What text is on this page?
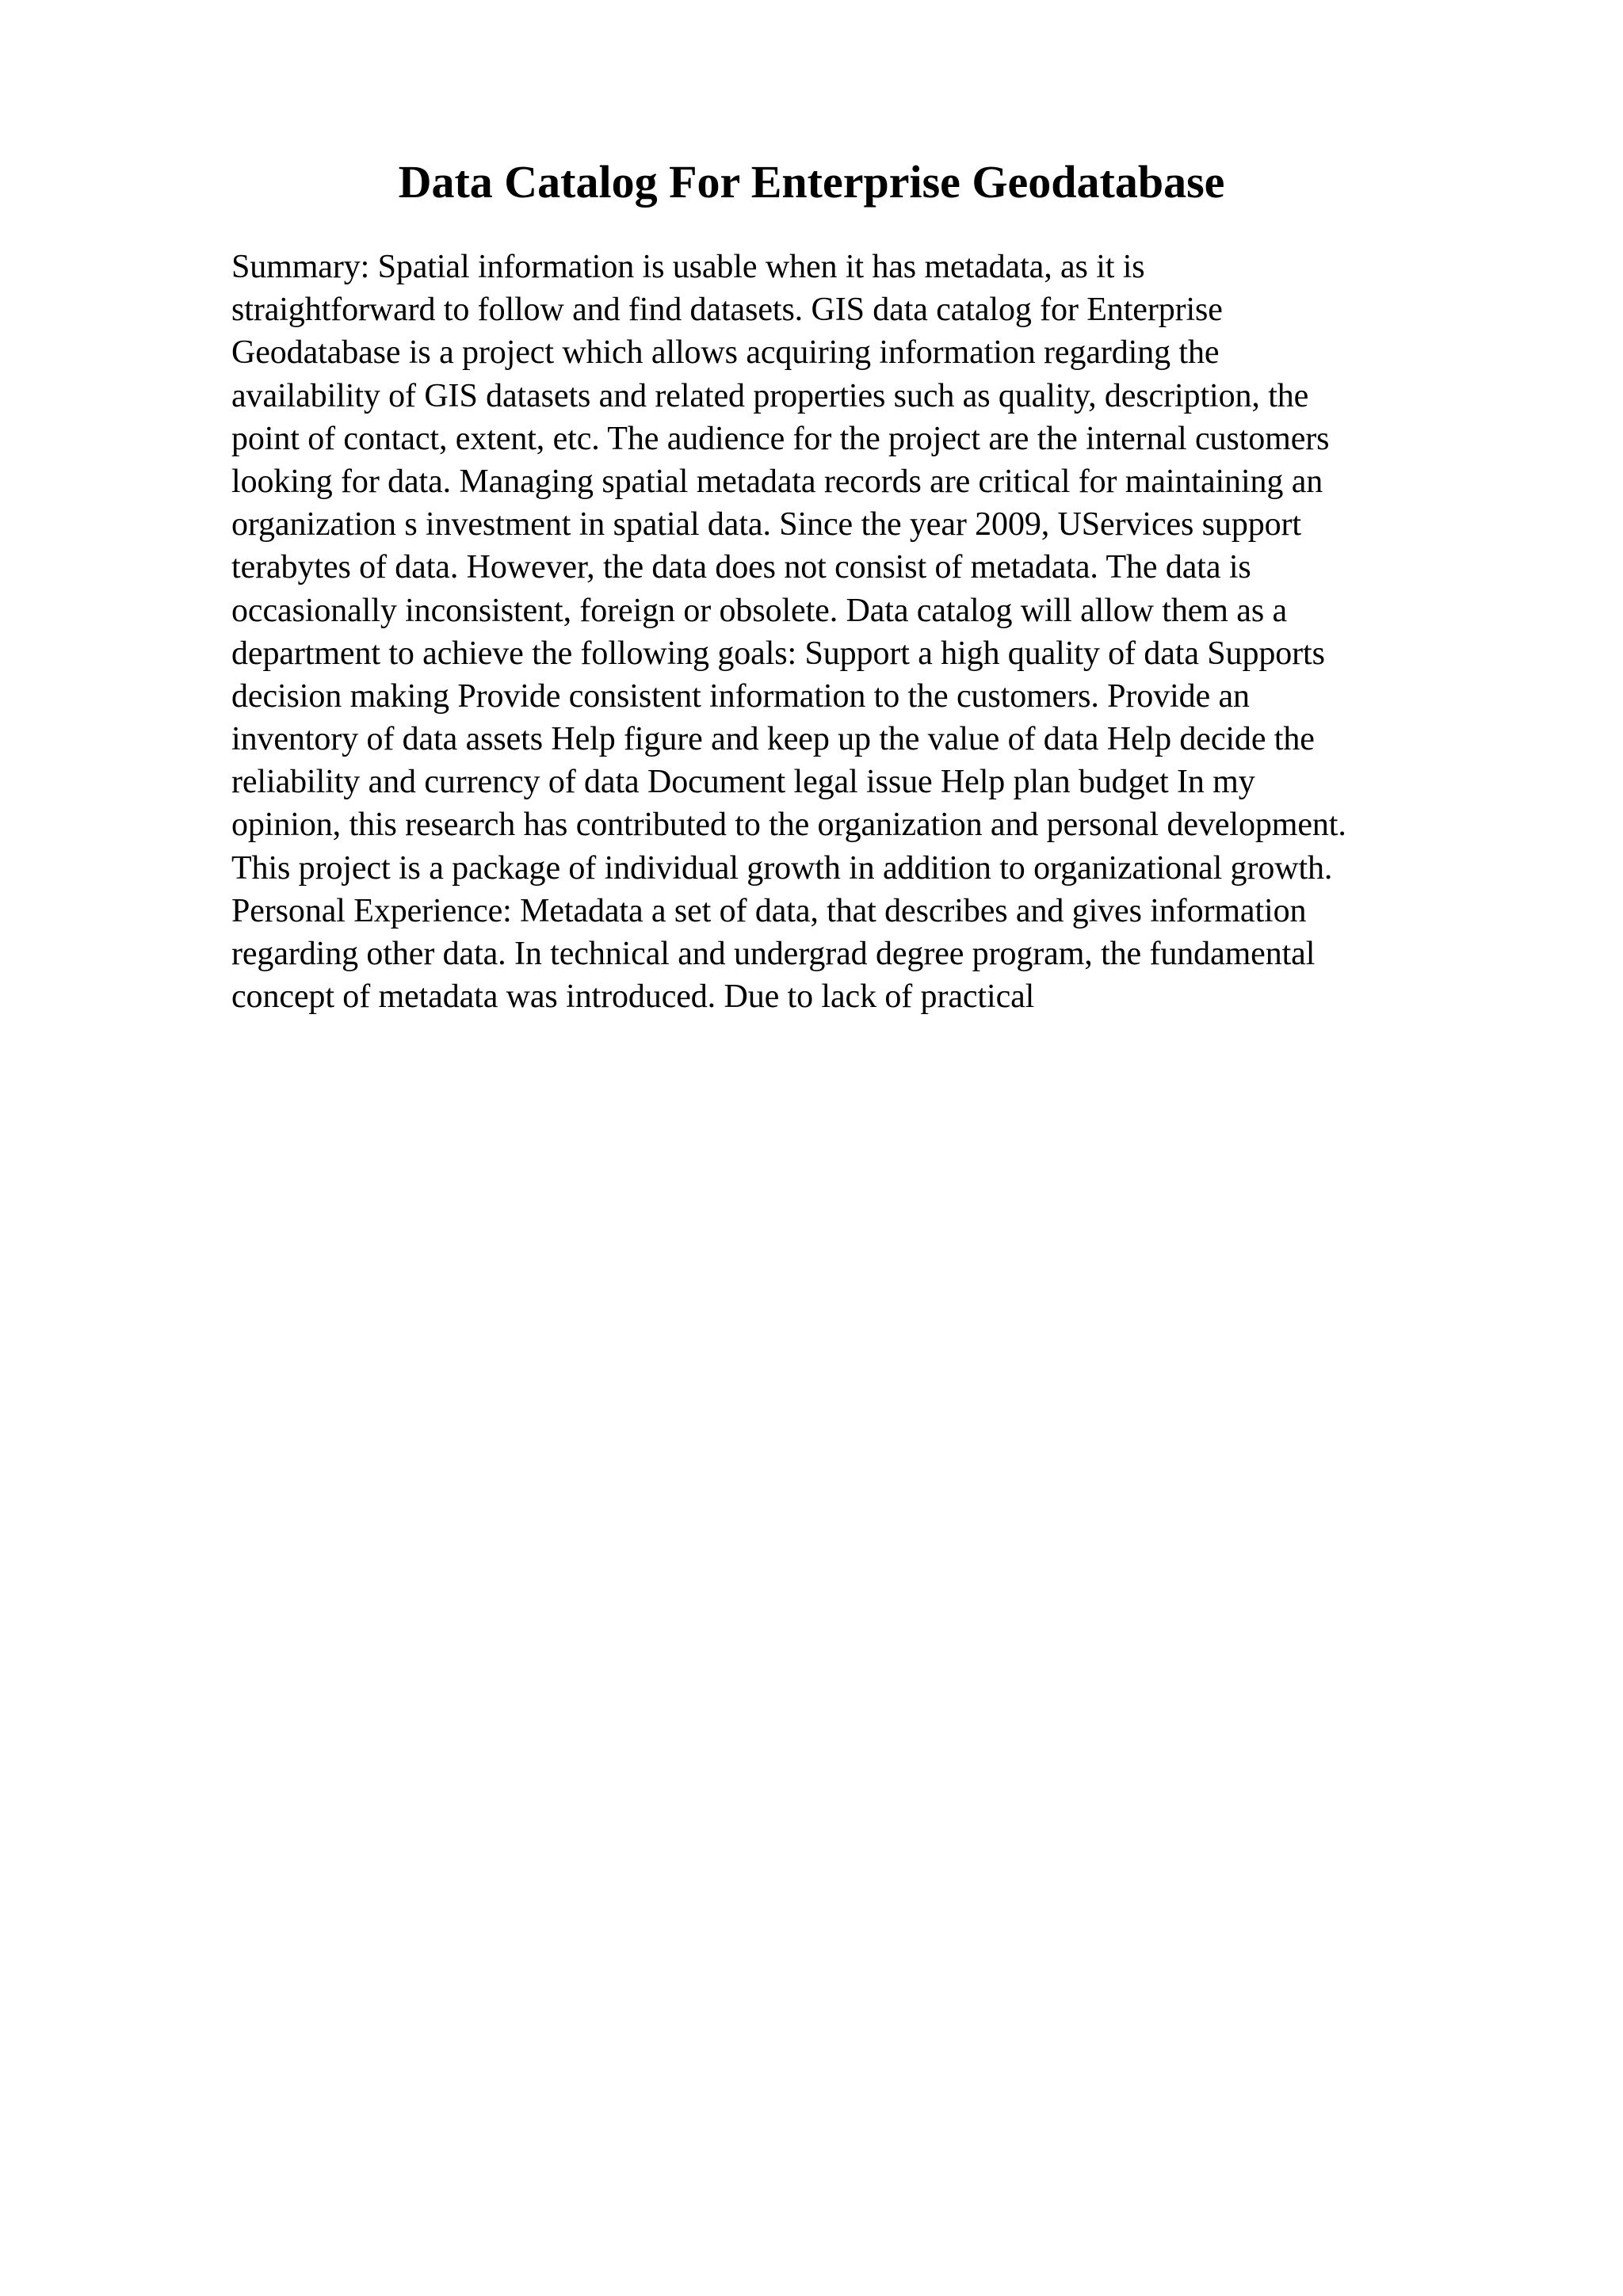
Data Catalog For Enterprise Geodatabase
Summary: Spatial information is usable when it has metadata, as it is
straightforward to follow and find datasets. GIS data catalog for Enterprise
Geodatabase is a project which allows acquiring information regarding the
availability of GIS datasets and related properties such as quality, description, the
point of contact, extent, etc. The audience for the project are the internal customers
looking for data. Managing spatial metadata records are critical for maintaining an
organization s investment in spatial data. Since the year 2009, UServices support
terabytes of data. However, the data does not consist of metadata. The data is
occasionally inconsistent, foreign or obsolete. Data catalog will allow them as a
department to achieve the following goals: Support a high quality of data Supports
decision making Provide consistent information to the customers. Provide an
inventory of data assets Help figure and keep up the value of data Help decide the
reliability and currency of data Document legal issue Help plan budget In my
opinion, this research has contributed to the organization and personal development.
This project is a package of individual growth in addition to organizational growth.
Personal Experience: Metadata a set of data, that describes and gives information
regarding other data. In technical and undergrad degree program, the fundamental
concept of metadata was introduced. Due to lack of practical
